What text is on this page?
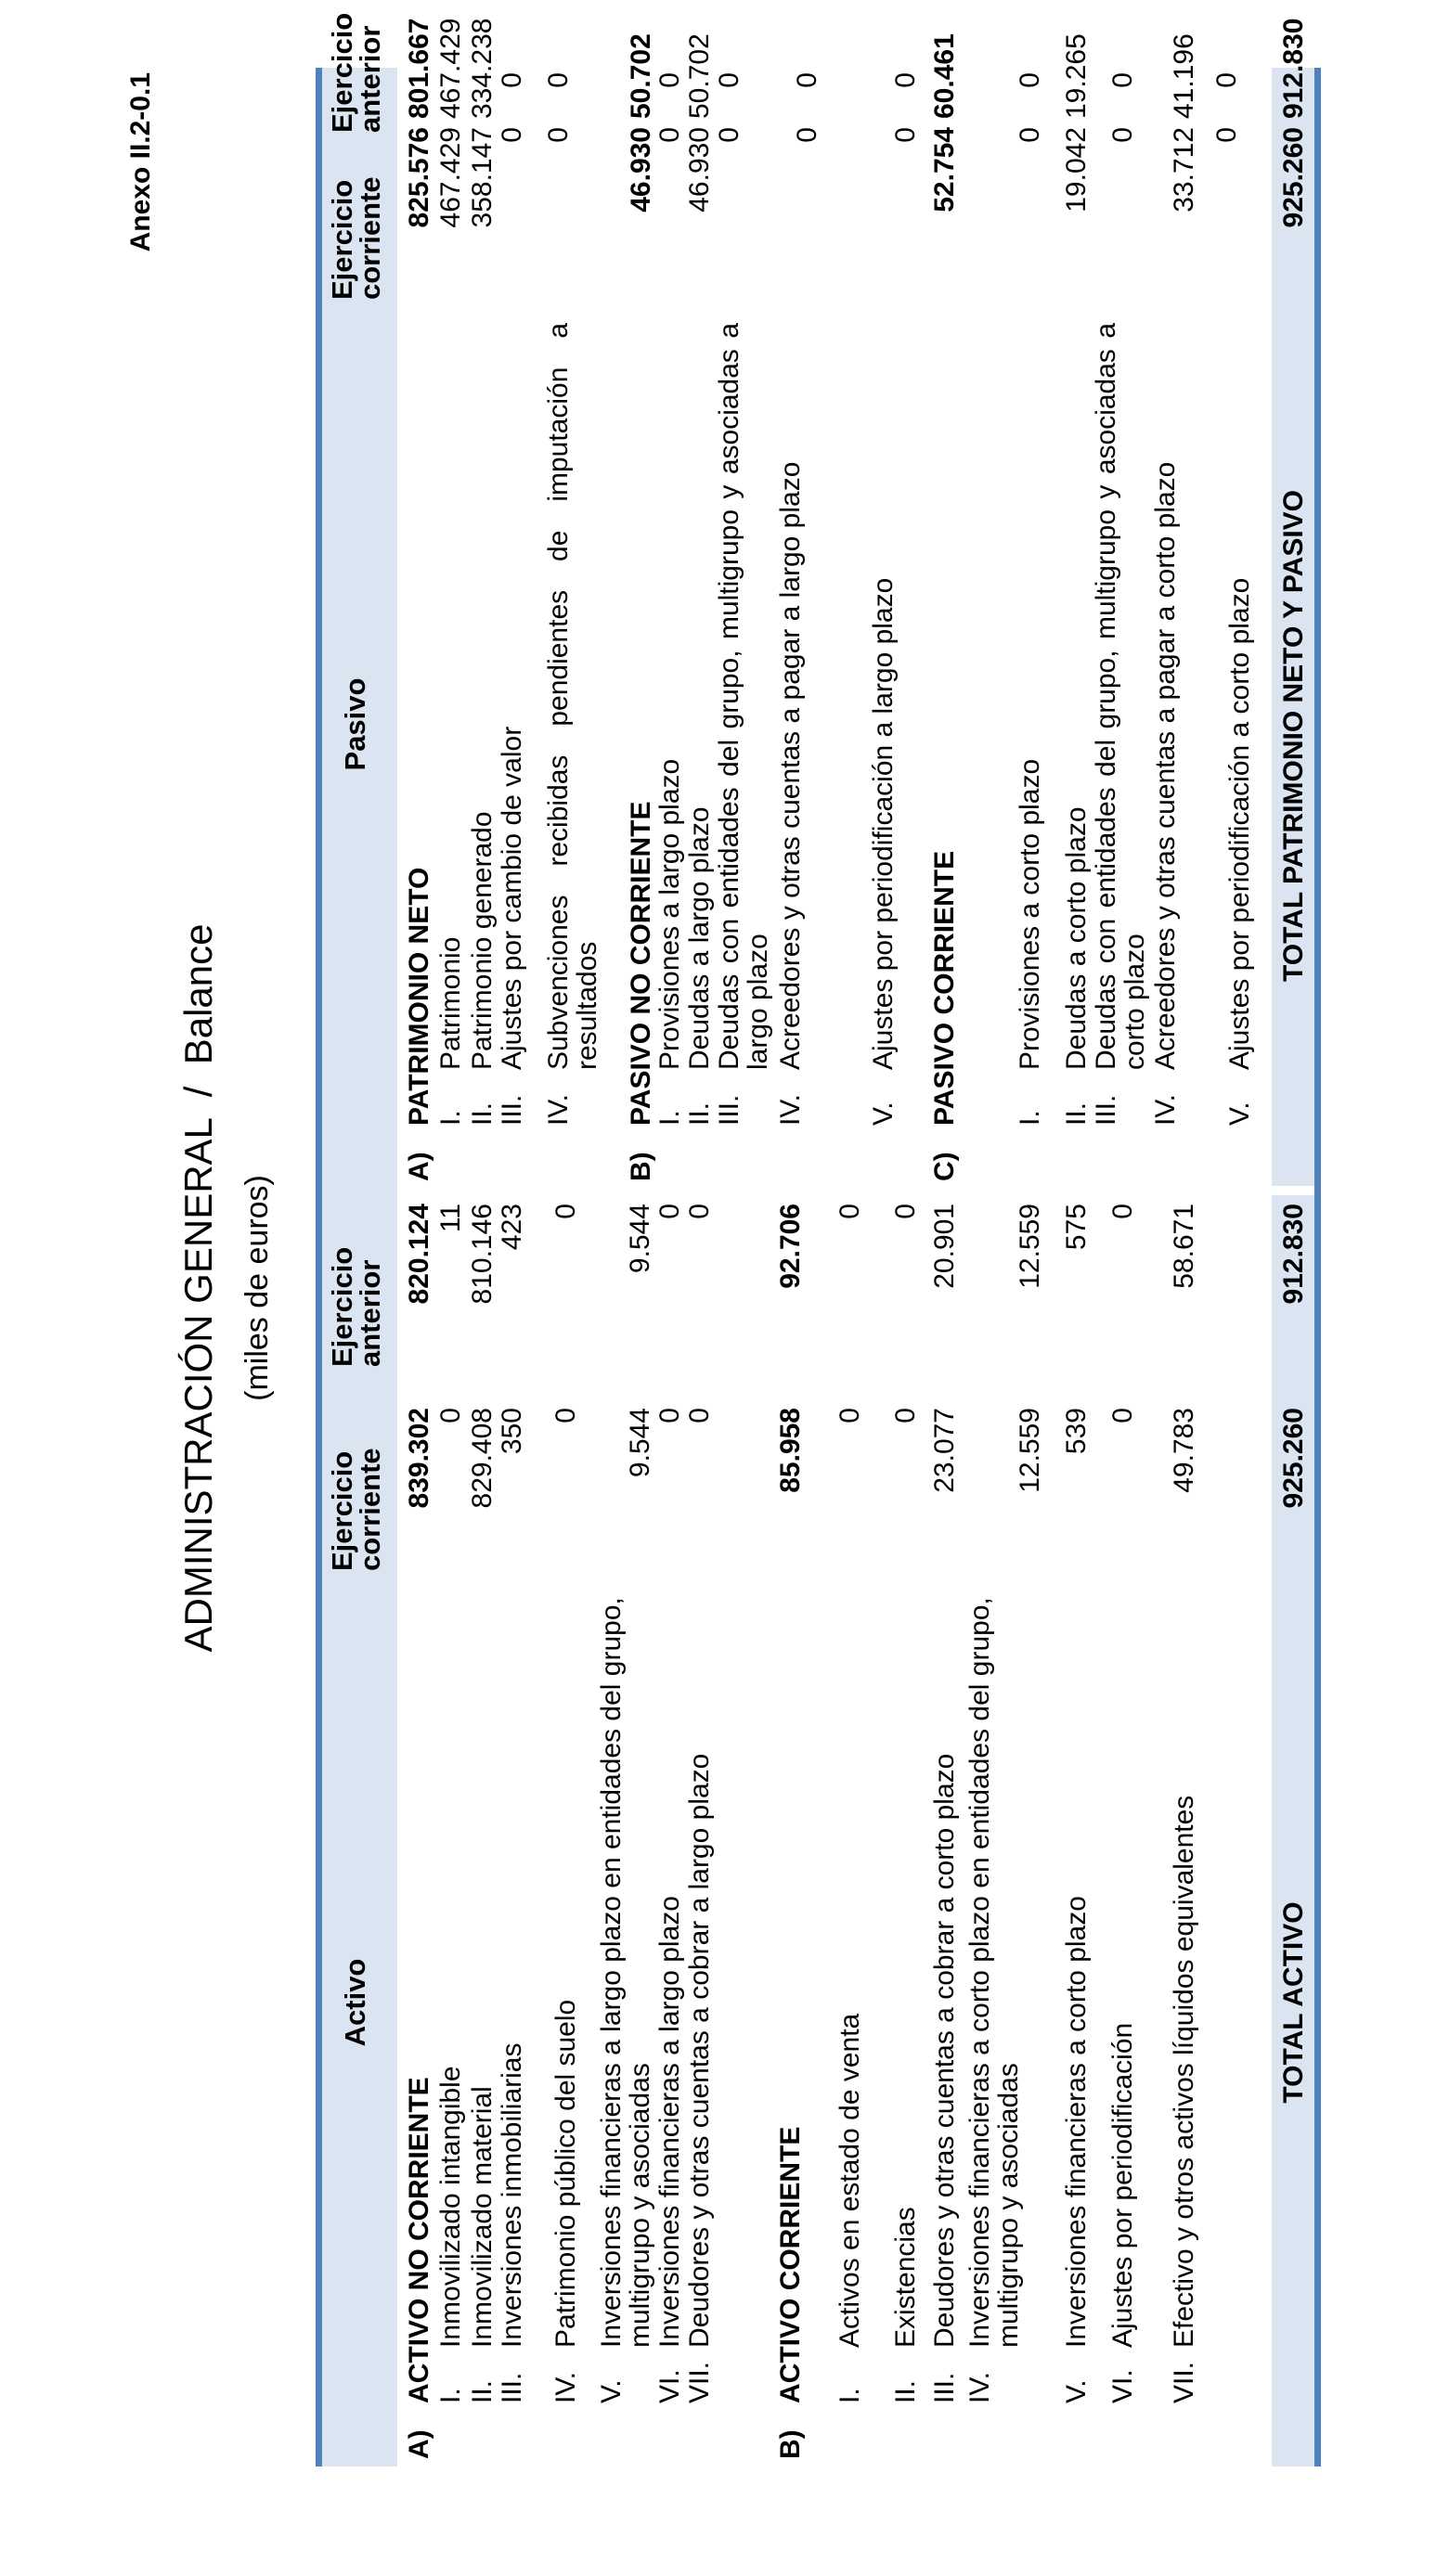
Anexo II.2-0.1
ADMINISTRACIÓN GENERAL  /  Balance (miles de euros)
Activo
Ejercicio corriente
Ejercicio anterior
Pasivo
Ejercicio corriente
Ejercicio anterior
A)
ACTIVO NO CORRIENTE
839.302
820.124
I.
Inmovilizado intangible
0
11
II.
Inmovilizado material
829.408
810.146
III.
Inversiones inmobiliarias
350
423
IV.
Patrimonio público del suelo
0
0
V.
Inversiones financieras a largo plazo en entidades del grupo, multigrupo y asociadas
9.544
9.544
VI.
Inversiones financieras a largo plazo
0
0
VII.
Deudores y otras cuentas a cobrar a largo plazo
0
0
B)
ACTIVO CORRIENTE
85.958
92.706
I.
Activos en estado de venta
0
0
II.
Existencias
0
0
III.
Deudores y otras cuentas a cobrar a corto plazo
23.077
20.901
IV.
Inversiones financieras a corto plazo en entidades del grupo, multigrupo y asociadas
12.559
12.559
V.
Inversiones financieras a corto plazo
539
575
VI.
Ajustes por periodificación
0
0
VII.
Efectivo y otros activos líquidos equivalentes
49.783
58.671
TOTAL ACTIVO
925.260
912.830
A)
PATRIMONIO NETO
825.576
801.667
I.
Patrimonio
467.429
467.429
II.
Patrimonio generado
358.147
334.238
III.
Ajustes por cambio de valor
0
0
IV.
Subvenciones recibidas pendientes de imputación a resultados
0
0
B)
PASIVO NO CORRIENTE
46.930
50.702
I.
Provisiones a largo plazo
0
0
II.
Deudas a largo plazo
46.930
50.702
III.
Deudas con entidades del grupo, multigrupo y asociadas a largo plazo
0
0
IV.
Acreedores y otras cuentas a pagar a largo plazo
0
0
V.
Ajustes por periodificación a largo plazo
0
0
C)
PASIVO CORRIENTE
52.754
60.461
I.
Provisiones a corto plazo
0
0
II.
Deudas a corto plazo
19.042
19.265
III.
Deudas con entidades del grupo, multigrupo y asociadas a corto plazo
0
0
IV.
Acreedores y otras cuentas a pagar a corto plazo
33.712
41.196
V.
Ajustes por periodificación a corto plazo
0
0
TOTAL PATRIMONIO NETO Y PASIVO
925.260
912.830
